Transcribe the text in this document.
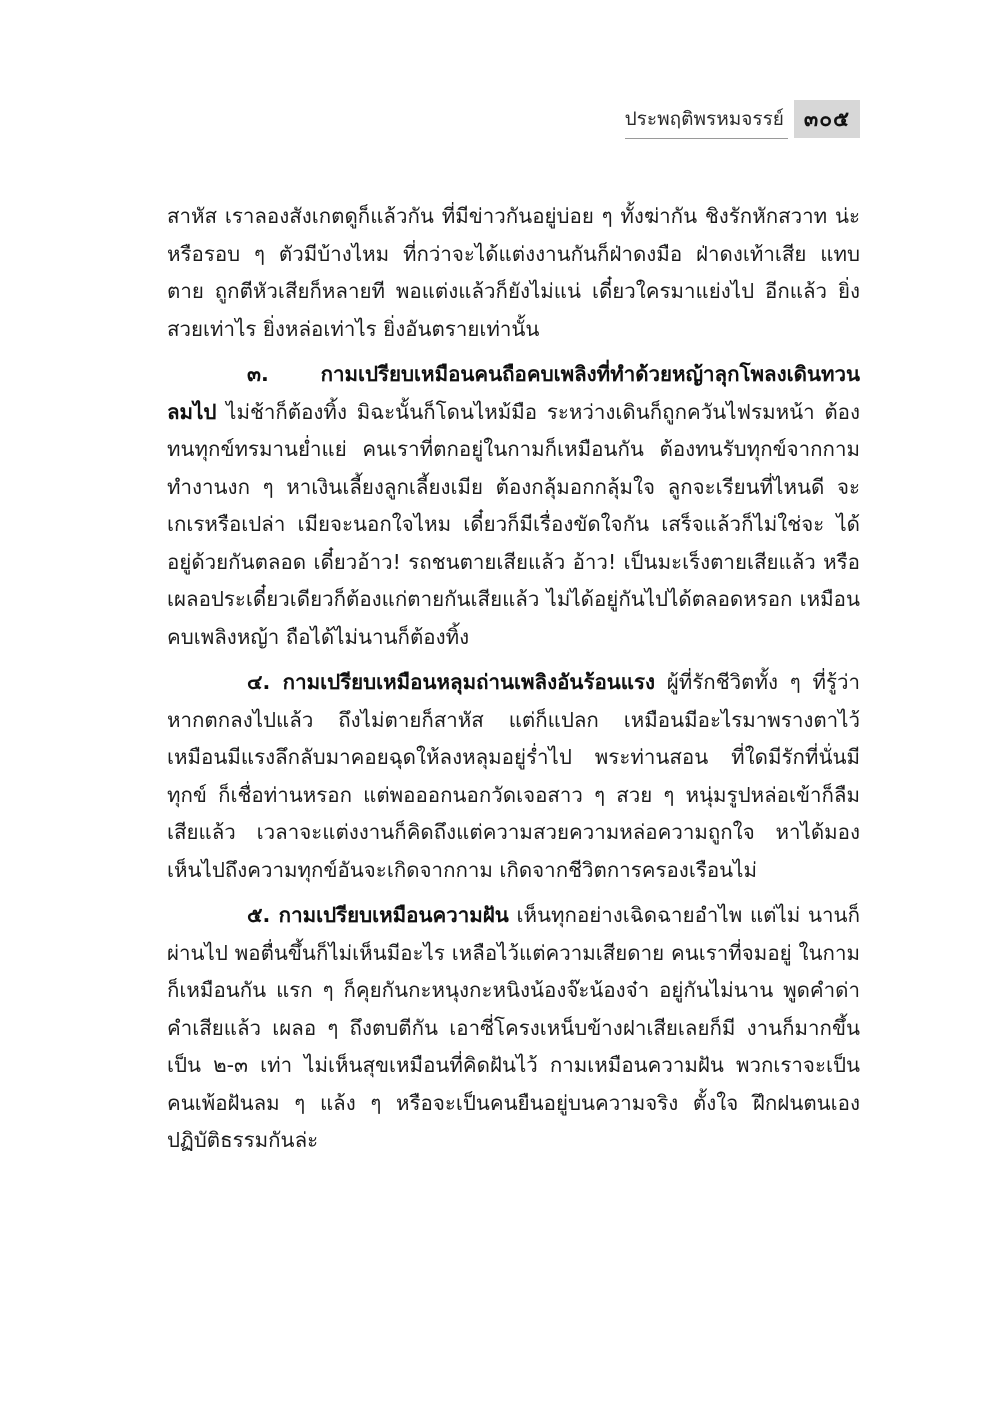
ประพฤติพรหมจรรย์ ๓๐๕

สาหัส เราลองสังเกตดูก็แล้วกัน ที่มีข่าวกันอยู่บ่อย ๆ ทั้งฆ่ากัน ชิงรักหักสวาท น่ะ หรือรอบ ๆ ตัวมีบ้างไหม ที่กว่าจะได้แต่งงานกันก็ฝ่าดงมือ ฝ่าดงเท้าเสีย แทบตาย ถูกตีหัวเสียก็หลายที พอแต่งแล้วก็ยังไม่แน่ เดี๋ยวใครมาแย่งไป อีกแล้ว ยิ่งสวยเท่าไร ยิ่งหล่อเท่าไร ยิ่งอันตรายเท่านั้น

๓. กามเปรียบเหมือนคนถือคบเพลิงที่ทำด้วยหญ้าลุกโพลงเดินทวน ลมไป ไม่ช้าก็ต้องทิ้ง มิฉะนั้นก็โดนไหม้มือ ระหว่างเดินก็ถูกควันไฟรมหน้า ต้อง ทนทุกข์ทรมานย่ำแย่ คนเราที่ตกอยู่ในกามก็เหมือนกัน ต้องทนรับทุกข์จากกาม ทำงานงก ๆ หาเงินเลี้ยงลูกเลี้ยงเมีย ต้องกลุ้มอกกลุ้มใจ ลูกจะเรียนที่ไหนดี จะเกเรหรือเปล่า เมียจะนอกใจไหม เดี๋ยวก็มีเรื่องขัดใจกัน เสร็จแล้วก็ไม่ใช่จะ ได้อยู่ด้วยกันตลอด เดี๋ยวอ้าว! รถชนตายเสียแล้ว อ้าว! เป็นมะเร็งตายเสียแล้ว หรือเผลอประเดี๋ยวเดียวก็ต้องแก่ตายกันเสียแล้ว ไม่ได้อยู่กันไปได้ตลอดหรอก เหมือนคบเพลิงหญ้า ถือได้ไม่นานก็ต้องทิ้ง

๔. กามเปรียบเหมือนหลุมถ่านเพลิงอันร้อนแรง ผู้ที่รักชีวิตทั้ง ๆ ที่รู้ว่าหากตกลงไปแล้ว ถึงไม่ตายก็สาหัส แต่ก็แปลก เหมือนมีอะไรมาพรางตาไว้ เหมือนมีแรงลึกลับมาคอยฉุดให้ลงหลุมอยู่ร่ำไป พระท่านสอน ที่ใดมีรักที่นั่นมี ทุกข์ ก็เชื่อท่านหรอก แต่พอออกนอกวัดเจอสาว ๆ สวย ๆ หนุ่มรูปหล่อเข้าก็ลืม เสียแล้ว เวลาจะแต่งงานก็คิดถึงแต่ความสวยความหล่อความถูกใจ หาได้มอง เห็นไปถึงความทุกข์อันจะเกิดจากกาม เกิดจากชีวิตการครองเรือนไม่

๕. กามเปรียบเหมือนความฝัน เห็นทุกอย่างเฉิดฉายอำไพ แต่ไม่ นานก็ผ่านไป พอตื่นขึ้นก็ไม่เห็นมีอะไร เหลือไว้แต่ความเสียดาย คนเราที่จมอยู่ ในกามก็เหมือนกัน แรก ๆ ก็คุยกันกะหนุงกะหนิงน้องจ๊ะน้องจ๋า อยู่กันไม่นาน พูดคำด่าคำเสียแล้ว เผลอ ๆ ถึงตบตีกัน เอาซี่โครงเหน็บข้างฝาเสียเลยก็มี งานก็มากขึ้นเป็น ๒-๓ เท่า ไม่เห็นสุขเหมือนที่คิดฝันไว้ กามเหมือนความฝัน พวกเราจะเป็นคนเพ้อฝันลม ๆ แล้ง ๆ หรือจะเป็นคนยืนอยู่บนความจริง ตั้งใจ ฝึกฝนตนเองปฏิบัติธรรมกันล่ะ
